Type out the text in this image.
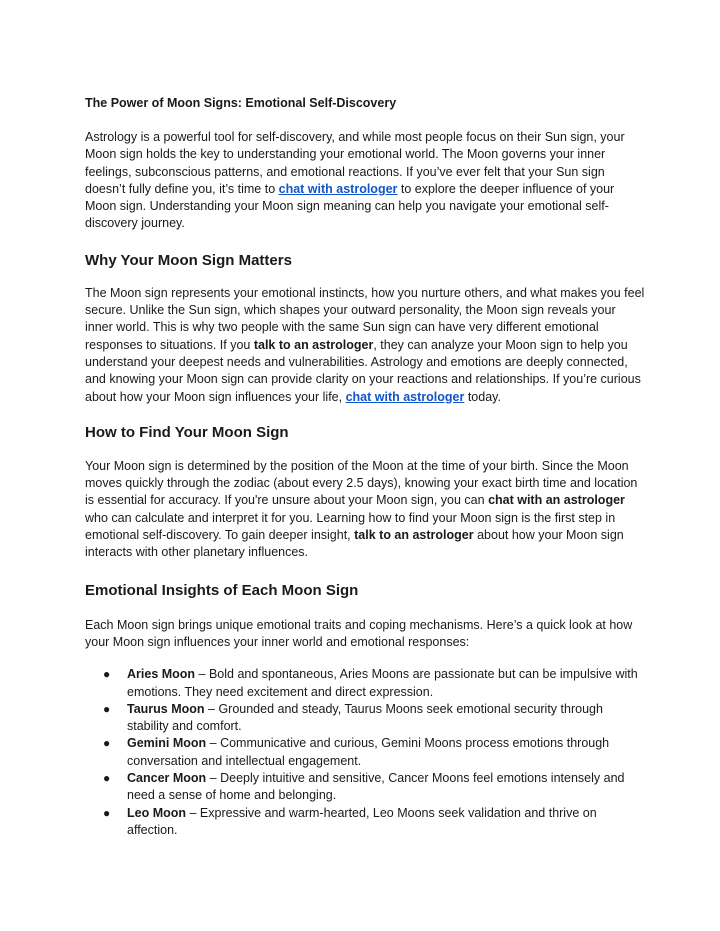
The Power of Moon Signs: Emotional Self-Discovery

Astrology is a powerful tool for self-discovery, and while most people focus on their Sun sign, your Moon sign holds the key to understanding your emotional world. The Moon governs your inner feelings, subconscious patterns, and emotional reactions. If you’ve ever felt that your Sun sign doesn’t fully define you, it’s time to chat with astrologer to explore the deeper influence of your Moon sign. Understanding your Moon sign meaning can help you navigate your emotional self-discovery journey.

Why Your Moon Sign Matters

The Moon sign represents your emotional instincts, how you nurture others, and what makes you feel secure. Unlike the Sun sign, which shapes your outward personality, the Moon sign reveals your inner world. This is why two people with the same Sun sign can have very different emotional responses to situations. If you talk to an astrologer, they can analyze your Moon sign to help you understand your deepest needs and vulnerabilities. Astrology and emotions are deeply connected, and knowing your Moon sign can provide clarity on your reactions and relationships. If you’re curious about how your Moon sign influences your life, chat with astrologer today.

How to Find Your Moon Sign

Your Moon sign is determined by the position of the Moon at the time of your birth. Since the Moon moves quickly through the zodiac (about every 2.5 days), knowing your exact birth time and location is essential for accuracy. If you're unsure about your Moon sign, you can chat with an astrologer who can calculate and interpret it for you. Learning how to find your Moon sign is the first step in emotional self-discovery. To gain deeper insight, talk to an astrologer about how your Moon sign interacts with other planetary influences.

Emotional Insights of Each Moon Sign

Each Moon sign brings unique emotional traits and coping mechanisms. Here’s a quick look at how your Moon sign influences your inner world and emotional responses:

● Aries Moon – Bold and spontaneous, Aries Moons are passionate but can be impulsive with emotions. They need excitement and direct expression.
● Taurus Moon – Grounded and steady, Taurus Moons seek emotional security through stability and comfort.
● Gemini Moon – Communicative and curious, Gemini Moons process emotions through conversation and intellectual engagement.
● Cancer Moon – Deeply intuitive and sensitive, Cancer Moons feel emotions intensely and need a sense of home and belonging.
● Leo Moon – Expressive and warm-hearted, Leo Moons seek validation and thrive on affection.
